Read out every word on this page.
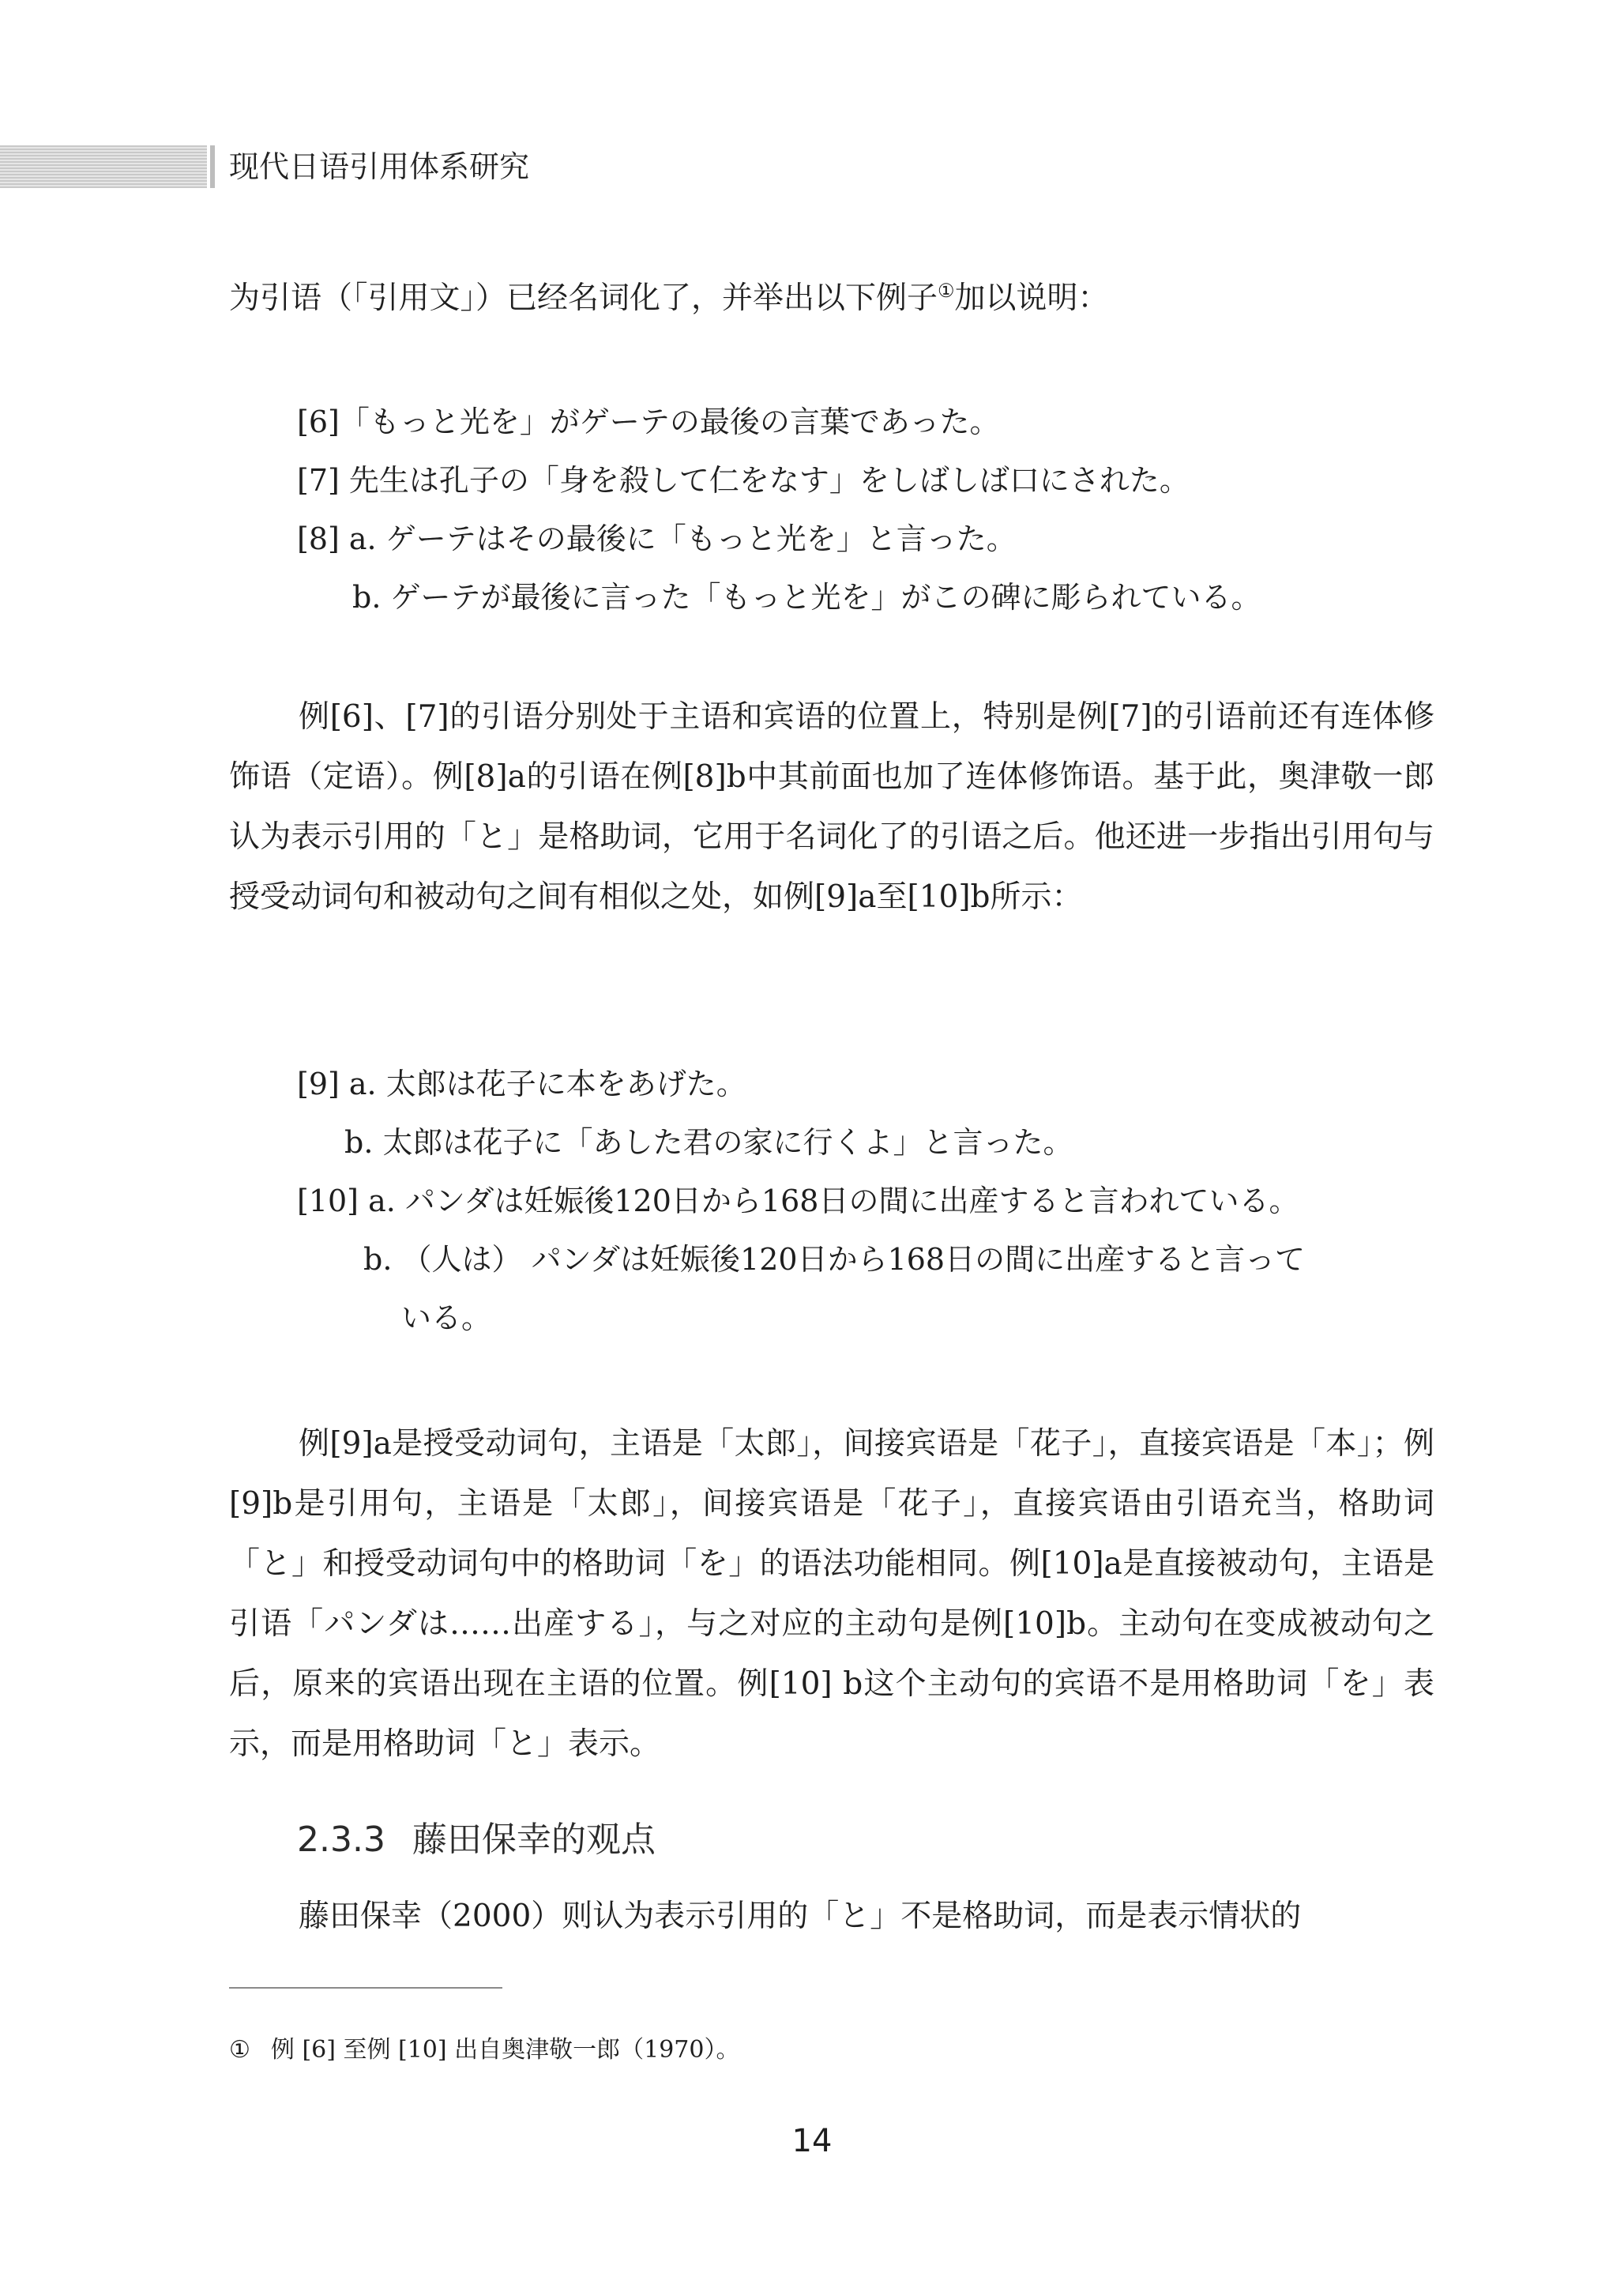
现代日语引用体系研究
为引语（「引用文」）已经名词化了，并举出以下例子①加以说明：
[6]「もっと光を」がゲーテの最後の言葉であった。
[7] 先生は孔子の「身を殺して仁をなす」をしばしば口にされた。
[8] a. ゲーテはその最後に「もっと光を」と言った。
b. ゲーテが最後に言った「もっと光を」がこの碑に彫られている。
例[6]、[7]的引语分别处于主语和宾语的位置上，特别是例[7]的引语前还有连体修饰语（定语）。例[8]a的引语在例[8]b中其前面也加了连体修饰语。基于此，奥津敬一郎认为表示引用的「と」是格助词，它用于名词化了的引语之后。他还进一步指出引用句与授受动词句和被动句之间有相似之处，如例[9]a至[10]b所示：
[9] a. 太郎は花子に本をあげた。
b. 太郎は花子に「あした君の家に行くよ」と言った。
[10] a. パンダは妊娠後120日から168日の間に出産すると言われている。
b. （人は） パンダは妊娠後120日から168日の間に出産すると言って
いる。
例[9]a是授受动词句，主语是「太郎」，间接宾语是「花子」，直接宾语是「本」；例[9]b是引用句，主语是「太郎」，间接宾语是「花子」，直接宾语由引语充当，格助词「と」和授受动词句中的格助词「を」的语法功能相同。例[10]a是直接被动句，主语是引语「パンダは……出産する」，与之对应的主动句是例[10]b。主动句在变成被动句之后，原来的宾语出现在主语的位置。例[10] b这个主动句的宾语不是用格助词「を」表示，而是用格助词「と」表示。
2.3.3 藤田保幸的观点
藤田保幸（2000）则认为表示引用的「と」不是格助词，而是表示情状的
① 例 [6] 至例 [10] 出自奥津敬一郎（1970）。
14
